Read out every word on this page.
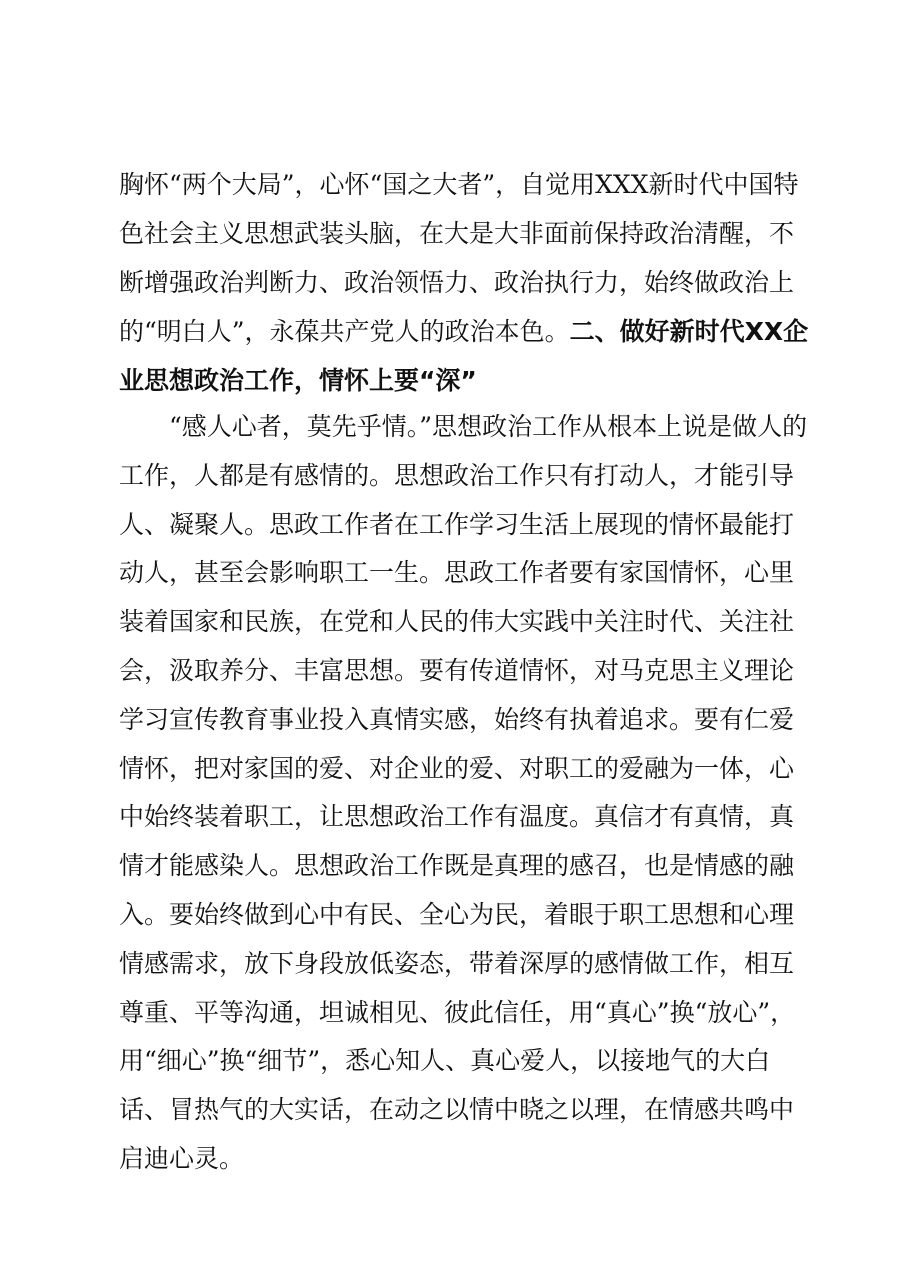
胸怀“两个大局”，心怀“国之大者”，自觉用XXX新时代中国特色社会主义思想武装头脑，在大是大非面前保持政治清醒，不断增强政治判断力、政治领悟力、政治执行力，始终做政治上的“明白人”，永葆共产党人的政治本色。二、做好新时代XX企业思想政治工作，情怀上要“深”
“感人心者，莫先乎情。”思想政治工作从根本上说是做人的工作，人都是有感情的。思想政治工作只有打动人，才能引导人、凝聚人。思政工作者在工作学习生活上展现的情怀最能打动人，甚至会影响职工一生。思政工作者要有家国情怀，心里装着国家和民族，在党和人民的伟大实践中关注时代、关注社会，汲取养分、丰富思想。要有传道情怀，对马克思主义理论学习宣传教育事业投入真情实感，始终有执着追求。要有仁爱情怀，把对家国的爱、对企业的爱、对职工的爱融为一体，心中始终装着职工，让思想政治工作有温度。真信才有真情，真情才能感染人。思想政治工作既是真理的感召，也是情感的融入。要始终做到心中有民、全心为民，着眼于职工思想和心理情感需求，放下身段放低姿态，带着深厚的感情做工作，相互尊重、平等沟通，坦诚相见、彼此信任，用“真心”换“放心”，用“细心”换“细节”，悉心知人、真心爱人，以接地气的大白话、冒热气的大实话，在动之以情中晓之以理，在情感共鸣中启迪心灵。
